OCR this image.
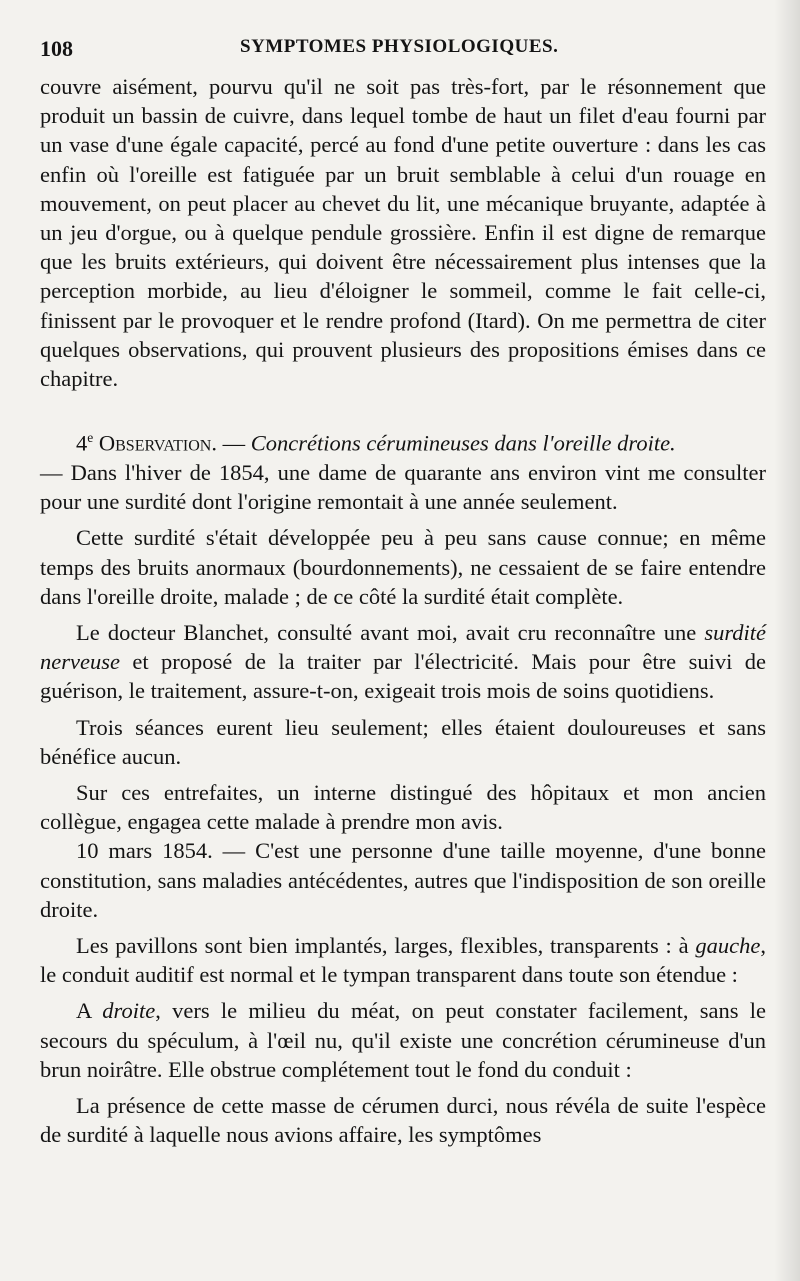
108	SYMPTOMES PHYSIOLOGIQUES.

couvre aisément, pourvu qu'il ne soit pas très-fort, par le résonnement que produit un bassin de cuivre, dans lequel tombe de haut un filet d'eau fourni par un vase d'une égale capacité, percé au fond d'une petite ouverture : dans les cas enfin où l'oreille est fatiguée par un bruit semblable à celui d'un rouage en mouvement, on peut placer au chevet du lit, une mécanique bruyante, adaptée à un jeu d'orgue, ou à quelque pendule grossière. Enfin il est digne de remarque que les bruits extérieurs, qui doivent être nécessairement plus intenses que la perception morbide, au lieu d'éloigner le sommeil, comme le fait celle-ci, finissent par le provoquer et le rendre profond (Itard). On me permettra de citer quelques observations, qui prouvent plusieurs des propositions émises dans ce chapitre.

4e Observation. — Concrétions cérumineuses dans l'oreille droite.

— Dans l'hiver de 1854, une dame de quarante ans environ vint me consulter pour une surdité dont l'origine remontait à une année seulement.

Cette surdité s'était développée peu à peu sans cause connue; en même temps des bruits anormaux (bourdonnements), ne cessaient de se faire entendre dans l'oreille droite, malade ; de ce côté la surdité était complète.

Le docteur Blanchet, consulté avant moi, avait cru reconnaître une surdité nerveuse et proposé de la traiter par l'électricité. Mais pour être suivi de guérison, le traitement, assure-t-on, exigeait trois mois de soins quotidiens.

Trois séances eurent lieu seulement; elles étaient douloureuses et sans bénéfice aucun.

Sur ces entrefaites, un interne distingué des hôpitaux et mon ancien collègue, engagea cette malade à prendre mon avis.

10 mars 1854. — C'est une personne d'une taille moyenne, d'une bonne constitution, sans maladies antécédentes, autres que l'indisposition de son oreille droite.

Les pavillons sont bien implantés, larges, flexibles, transparents : à gauche, le conduit auditif est normal et le tympan transparent dans toute son étendue :

A droite, vers le milieu du méat, on peut constater facilement, sans le secours du spéculum, à l'œil nu, qu'il existe une concrétion cérumineuse d'un brun noirâtre. Elle obstrue complétement tout le fond du conduit :

La présence de cette masse de cérumen durci, nous révéla de suite l'espèce de surdité à laquelle nous avions affaire, les symptômes
